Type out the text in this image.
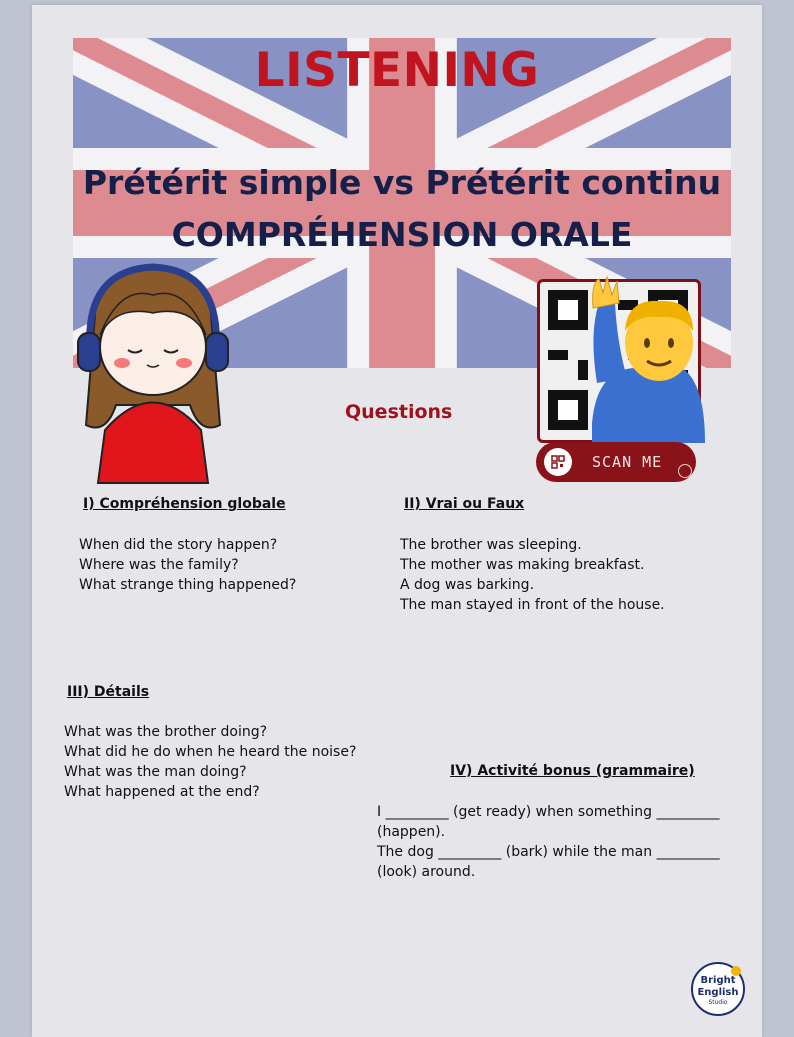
LISTENING
Prétérit simple vs Prétérit continu
COMPRÉHENSION ORALE
SCAN ME
Questions
I) Compréhension globale
When did the story happen?
Where was the family?
What strange thing happened?
II) Vrai ou Faux
The brother was sleeping.
The mother was making breakfast.
A dog was barking.
The man stayed in front of the house.
III) Détails
What was the brother doing?
What did he do when he heard the noise?
What was the man doing?
What happened at the end?
IV) Activité bonus (grammaire)
I _________ (get ready) when something _________ (happen).
The dog _________ (bark) while the man _________ (look) around.
Bright
English
Studio
